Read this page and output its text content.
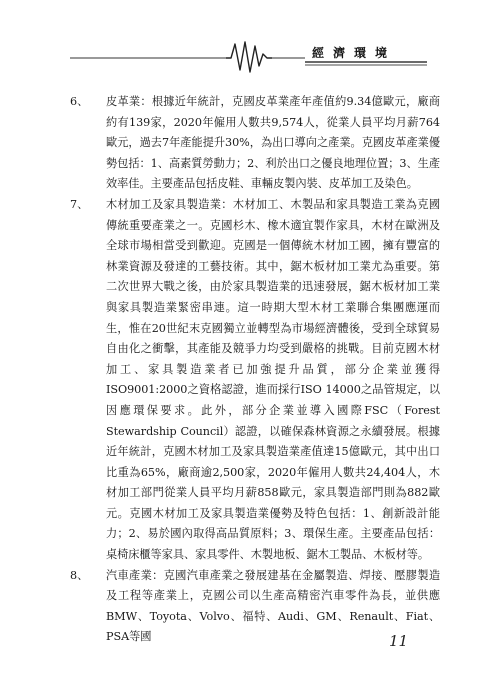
經濟環境

6、	皮革業：根據近年統計，克國皮革業產年產值約9.34億歐元，廠商約有139家，2020年僱用人數共9,574人，從業人員平均月薪764歐元，過去7年產能提升30%，為出口導向之產業。克國皮革產業優勢包括：1、高素質勞動力；2、利於出口之優良地理位置；3、生產效率佳。主要產品包括皮鞋、車輛皮製內裝、皮革加工及染色。

7、	木材加工及家具製造業：木材加工、木製品和家具製造工業為克國傳統重要產業之一。克國杉木、橡木適宜製作家具，木材在歐洲及全球市場相當受到歡迎。克國是一個傳統木材加工國，擁有豐富的林業資源及發達的工藝技術。其中，鋸木板材加工業尤為重要。第二次世界大戰之後，由於家具製造業的迅速發展，鋸木板材加工業與家具製造業緊密串連。這一時期大型木材工業聯合集團應運而生，惟在20世紀末克國獨立並轉型為市場經濟體後，受到全球貿易自由化之衝擊，其產能及競爭力均受到嚴格的挑戰。目前克國木材加工、家具製造業者已加強提升品質，部分企業並獲得ISO9001:2000之資格認證，進而採行ISO 14000之品管規定，以因應環保要求。此外，部分企業並導入國際FSC（Forest Stewardship Council）認證，以確保森林資源之永續發展。根據近年統計，克國木材加工及家具製造業產值達15億歐元，其中出口比重為65%，廠商逾2,500家，2020年僱用人數共24,404人，木材加工部門從業人員平均月薪858歐元，家具製造部門則為882歐元。克國木材加工及家具製造業優勢及特色包括：1、創新設計能力；2、易於國內取得高品質原料；3、環保生產。主要產品包括：桌椅床櫃等家具、家具零件、木製地板、鋸木工製品、木板材等。

8、	汽車產業：克國汽車產業之發展建基在金屬製造、焊接、壓膠製造及工程等產業上，克國公司以生產高精密汽車零件為長，並供應BMW、Toyota、Volvo、福特、Audi、GM、Renault、Fiat、PSA等國	11
